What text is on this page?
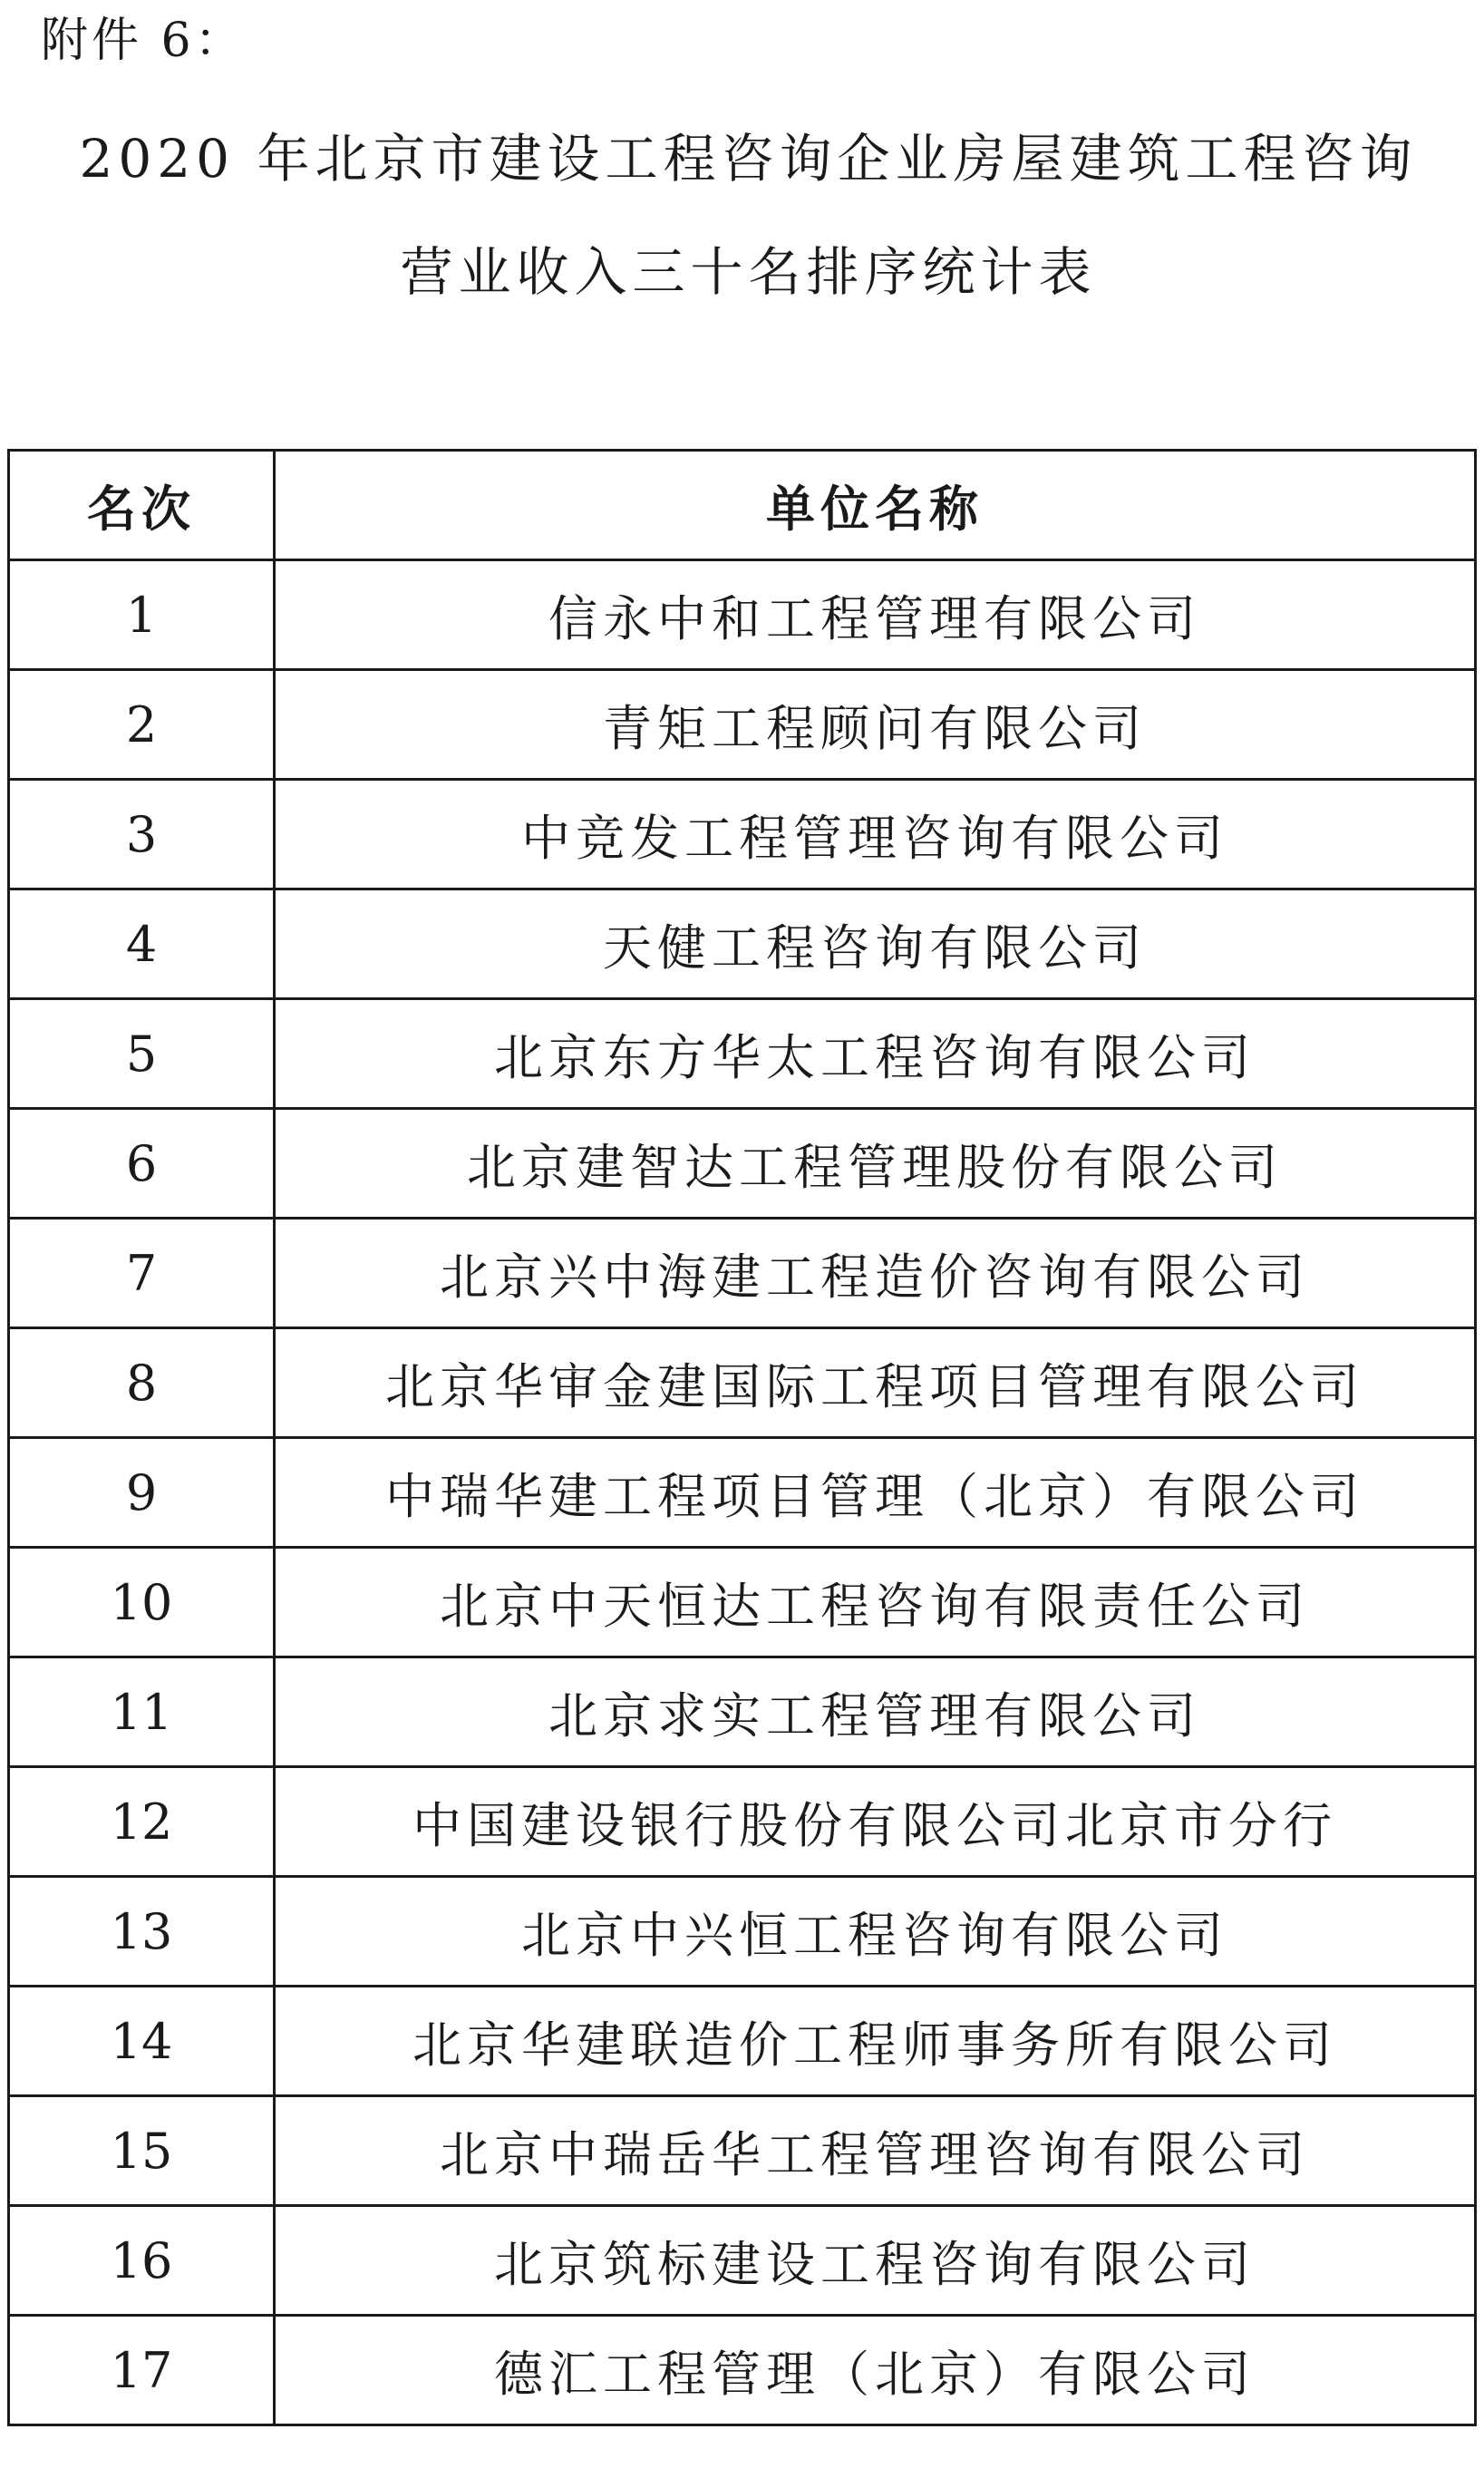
附件 6：
2020 年北京市建设工程咨询企业房屋建筑工程咨询
营业收入三十名排序统计表
名次	单位名称
1	信永中和工程管理有限公司
2	青矩工程顾问有限公司
3	中竞发工程管理咨询有限公司
4	天健工程咨询有限公司
5	北京东方华太工程咨询有限公司
6	北京建智达工程管理股份有限公司
7	北京兴中海建工程造价咨询有限公司
8	北京华审金建国际工程项目管理有限公司
9	中瑞华建工程项目管理（北京）有限公司
10	北京中天恒达工程咨询有限责任公司
11	北京求实工程管理有限公司
12	中国建设银行股份有限公司北京市分行
13	北京中兴恒工程咨询有限公司
14	北京华建联造价工程师事务所有限公司
15	北京中瑞岳华工程管理咨询有限公司
16	北京筑标建设工程咨询有限公司
17	德汇工程管理（北京）有限公司
